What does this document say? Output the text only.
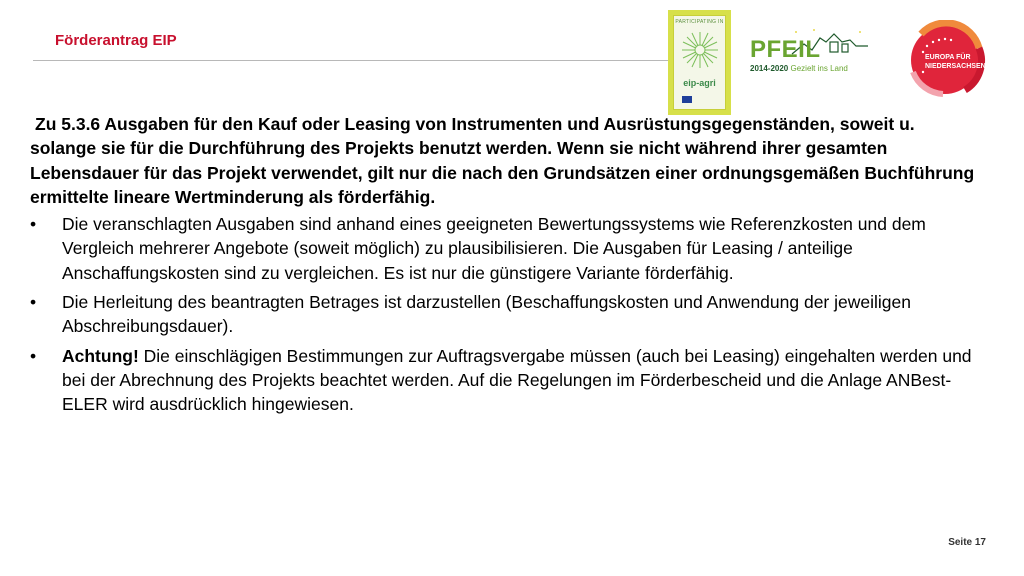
Förderantrag EIP
PARTICIPATING IN
eip-agri
PFEIL
2014-2020 Gezielt ins Land
EUROPA FÜR
NIEDERSACHSEN

Zu 5.3.6 Ausgaben für den Kauf oder Leasing von Instrumenten und Ausrüstungsgegenständen, soweit u. solange sie für die Durchführung des Projekts benutzt werden. Wenn sie nicht während ihrer gesamten Lebensdauer für das Projekt verwendet, gilt nur die nach den Grundsätzen einer ordnungsgemäßen Buchführung ermittelte lineare Wertminderung als förderfähig.

• Die veranschlagten Ausgaben sind anhand eines geeigneten Bewertungssystems wie Referenzkosten und dem Vergleich mehrerer Angebote (soweit möglich) zu plausibilisieren. Die Ausgaben für Leasing / anteilige Anschaffungskosten sind zu vergleichen. Es ist nur die günstigere Variante förderfähig.
• Die Herleitung des beantragten Betrages ist darzustellen (Beschaffungskosten und Anwendung der jeweiligen Abschreibungsdauer).
• Achtung! Die einschlägigen Bestimmungen zur Auftragsvergabe müssen (auch bei Leasing) eingehalten werden und bei der Abrechnung des Projekts beachtet werden. Auf die Regelungen im Förderbescheid und die Anlage ANBest-ELER wird ausdrücklich hingewiesen.
Seite 17
